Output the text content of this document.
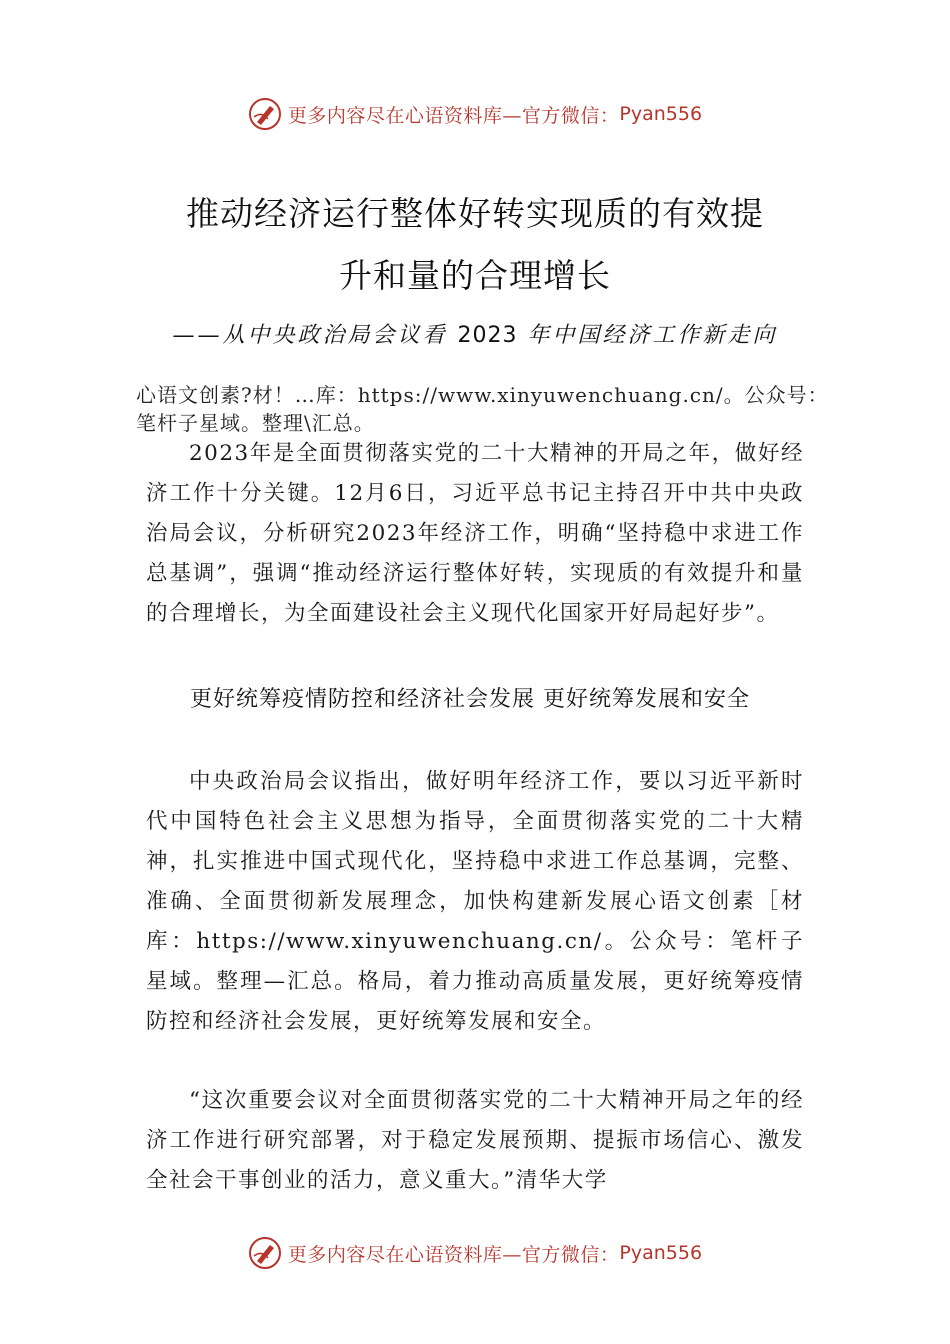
更多内容尽在心语资料库—官方微信： Pyan556
推动经济运行整体好转实现质的有效提
升和量的合理增长
——从中央政治局会议看 2023 年中国经济工作新走向
心语文创素?材！…库：https://www.xinyuwenchuang.cn/。公众号：笔杆子星域。整理\汇总。
2023年是全面贯彻落实党的二十大精神的开局之年，做好经济工作十分关键。12月6日，习近平总书记主持召开中共中央政治局会议，分析研究2023年经济工作，明确“坚持稳中求进工作总基调”，强调“推动经济运行整体好转，实现质的有效提升和量的合理增长，为全面建设社会主义现代化国家开好局起好步”。
更好统筹疫情防控和经济社会发展 更好统筹发展和安全
中央政治局会议指出，做好明年经济工作，要以习近平新时代中国特色社会主义思想为指导，全面贯彻落实党的二十大精神，扎实推进中国式现代化，坚持稳中求进工作总基调，完整、准确、全面贯彻新发展理念，加快构建新发展心语文创素［材库：https://www.xinyuwenchuang.cn/。公众号：笔杆子星域。整理—汇总。格局，着力推动高质量发展，更好统筹疫情防控和经济社会发展，更好统筹发展和安全。
“这次重要会议对全面贯彻落实党的二十大精神开局之年的经济工作进行研究部署，对于稳定发展预期、提振市场信心、激发全社会干事创业的活力，意义重大。”清华大学
更多内容尽在心语资料库—官方微信： Pyan556
